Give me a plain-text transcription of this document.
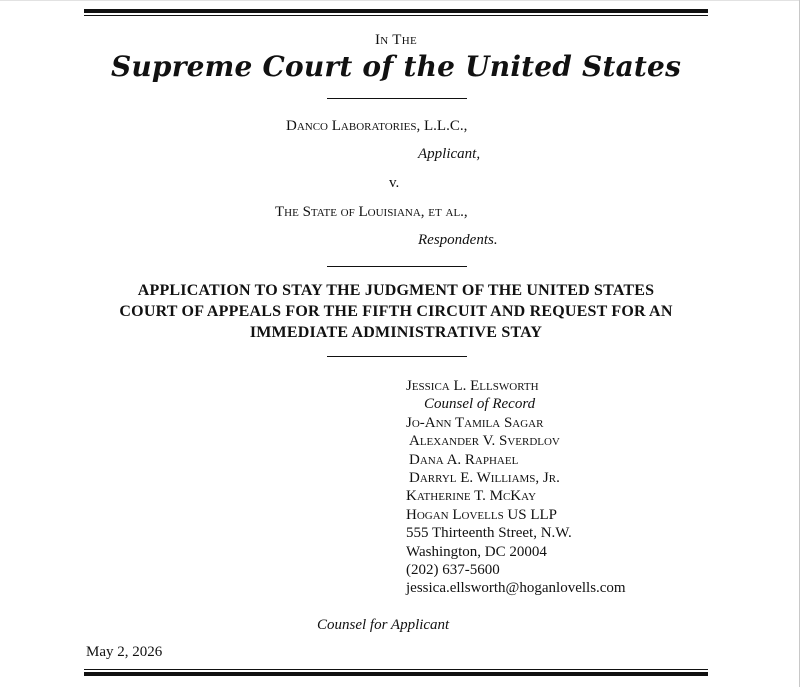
In The
Supreme Court of the United States
Danco Laboratories, L.L.C.,
Applicant,
v.
The State of Louisiana, et al.,
Respondents.
APPLICATION TO STAY THE JUDGMENT OF THE UNITED STATES
COURT OF APPEALS FOR THE FIFTH CIRCUIT AND REQUEST FOR AN
IMMEDIATE ADMINISTRATIVE STAY
Jessica L. Ellsworth
Counsel of Record
Jo-Ann Tamila Sagar
Alexander V. Sverdlov
Dana A. Raphael
Darryl E. Williams, Jr.
Katherine T. McKay
Hogan Lovells US LLP
555 Thirteenth Street, N.W.
Washington, DC 20004
(202) 637-5600
jessica.ellsworth@hoganlovells.com
Counsel for Applicant
May 2, 2026
